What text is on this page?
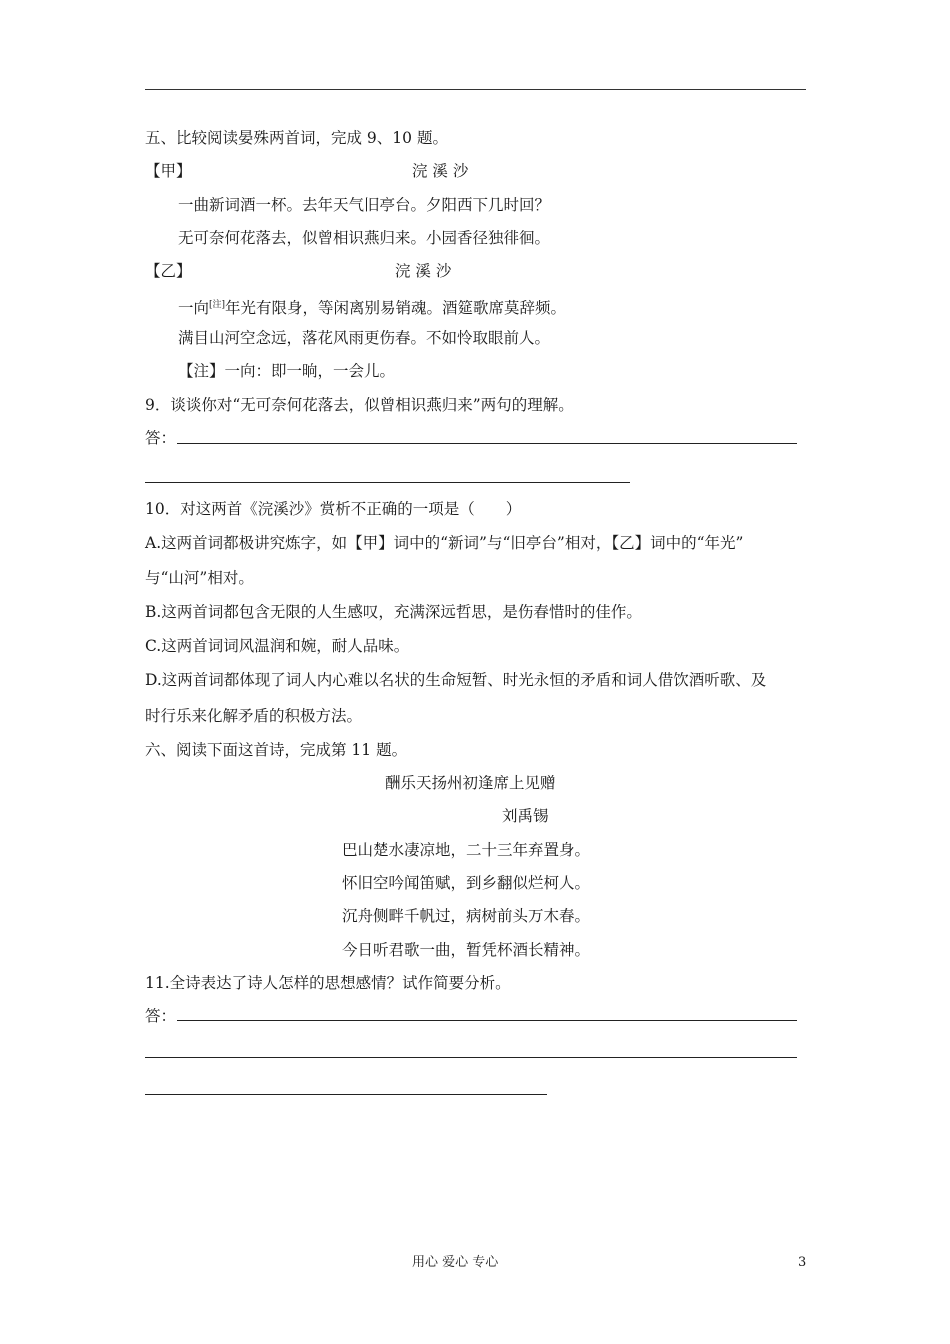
五、比较阅读晏殊两首词，完成 9、10 题。
【甲】	浣 溪 沙
一曲新词酒一杯。去年天气旧亭台。夕阳西下几时回？
无可奈何花落去，似曾相识燕归来。小园香径独徘徊。
【乙】	浣 溪 沙
一向[注]年光有限身，等闲离别易销魂。酒筵歌席莫辞频。
满目山河空念远，落花风雨更伤春。不如怜取眼前人。
【注】一向：即一晌，一会儿。
9．谈谈你对“无可奈何花落去，似曾相识燕归来”两句的理解。
答：
10．对这两首《浣溪沙》赏析不正确的一项是（　　）
A.这两首词都极讲究炼字，如【甲】词中的“新词”与“旧亭台”相对，【乙】词中的“年光”
与“山河”相对。
B.这两首词都包含无限的人生感叹，充满深远哲思，是伤春惜时的佳作。
C.这两首词词风温润和婉，耐人品味。
D.这两首词都体现了词人内心难以名状的生命短暂、时光永恒的矛盾和词人借饮酒听歌、及
时行乐来化解矛盾的积极方法。
六、阅读下面这首诗，完成第 11 题。
酬乐天扬州初逢席上见赠
刘禹锡
巴山楚水凄凉地，二十三年弃置身。
怀旧空吟闻笛赋，到乡翻似烂柯人。
沉舟侧畔千帆过，病树前头万木春。
今日听君歌一曲，暂凭杯酒长精神。
11.全诗表达了诗人怎样的思想感情？试作简要分析。
答：
用心 爱心 专心	3
